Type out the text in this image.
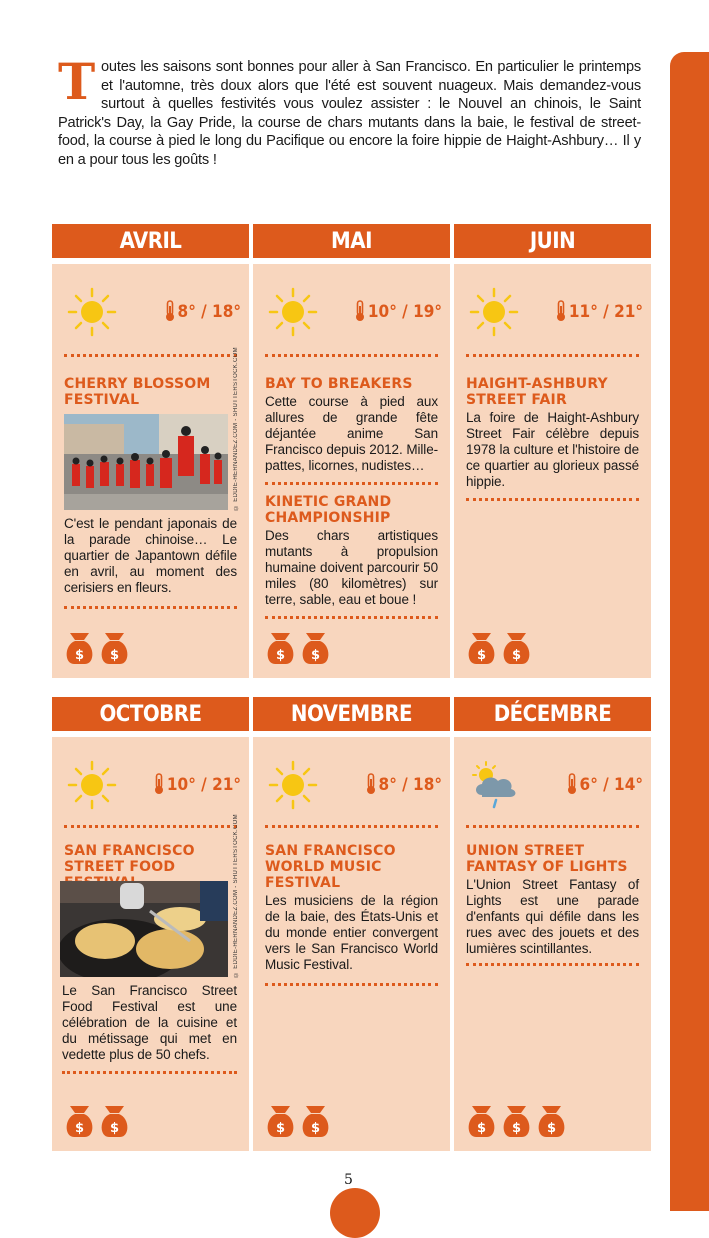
Toutes les saisons sont bonnes pour aller à San Francisco. En particulier le printemps et l'automne, très doux alors que l'été est souvent nuageux. Mais demandez-vous surtout à quelles festivités vous voulez assister : le Nouvel an chinois, le Saint Patrick's Day, la Gay Pride, la course de chars mutants dans la baie, le festival de street-food, la course à pied le long du Pacifique ou encore la foire hippie de Haight-Ashbury… Il y en a pour tous les goûts !
AVRIL
8° / 18°
CHERRY BLOSSOM FESTIVAL	© EDDIE-HERNANDEZ.COM - SHUTTERSTOCK.COM
C'est le pendant japonais de la parade chinoise… Le quartier de Japantown défile en avril, au moment des cerisiers en fleurs.
$ $
MAI
10° / 19°
BAY TO BREAKERS
Cette course à pied aux allures de grande fête déjantée anime San Francisco depuis 2012. Mille-pattes, licornes, nudistes…
KINETIC GRAND CHAMPIONSHIP
Des chars artistiques mutants à propulsion humaine doivent parcourir 50 miles (80 kilomètres) sur terre, sable, eau et boue !
$ $
JUIN
11° / 21°
HAIGHT-ASHBURY STREET FAIR
La foire de Haight-Ashbury Street Fair célèbre depuis 1978 la culture et l'histoire de ce quartier au glorieux passé hippie.
$ $
OCTOBRE
10° / 21°
SAN FRANCISCO STREET FOOD	© EDDIE-HERNANDEZ.COM - SHUTTERSTOCK.COM
Le San Francisco Street Food Festival est une célébration de la cuisine et du métissage qui met en vedette plus de 50 chefs.
$ $
NOVEMBRE
8° / 18°
SAN FRANCISCO WORLD MUSIC FESTIVAL
Les musiciens de la région de la baie, des États-Unis et du monde entier convergent vers le San Francisco World Music Festival.
$ $
DÉCEMBRE
6° / 14°
UNION STREET FANTASY OF LIGHTS
L'Union Street Fantasy of Lights est une parade d'enfants qui défile dans les rues avec des jouets et des lumières scintillantes.
$ $ $
5
